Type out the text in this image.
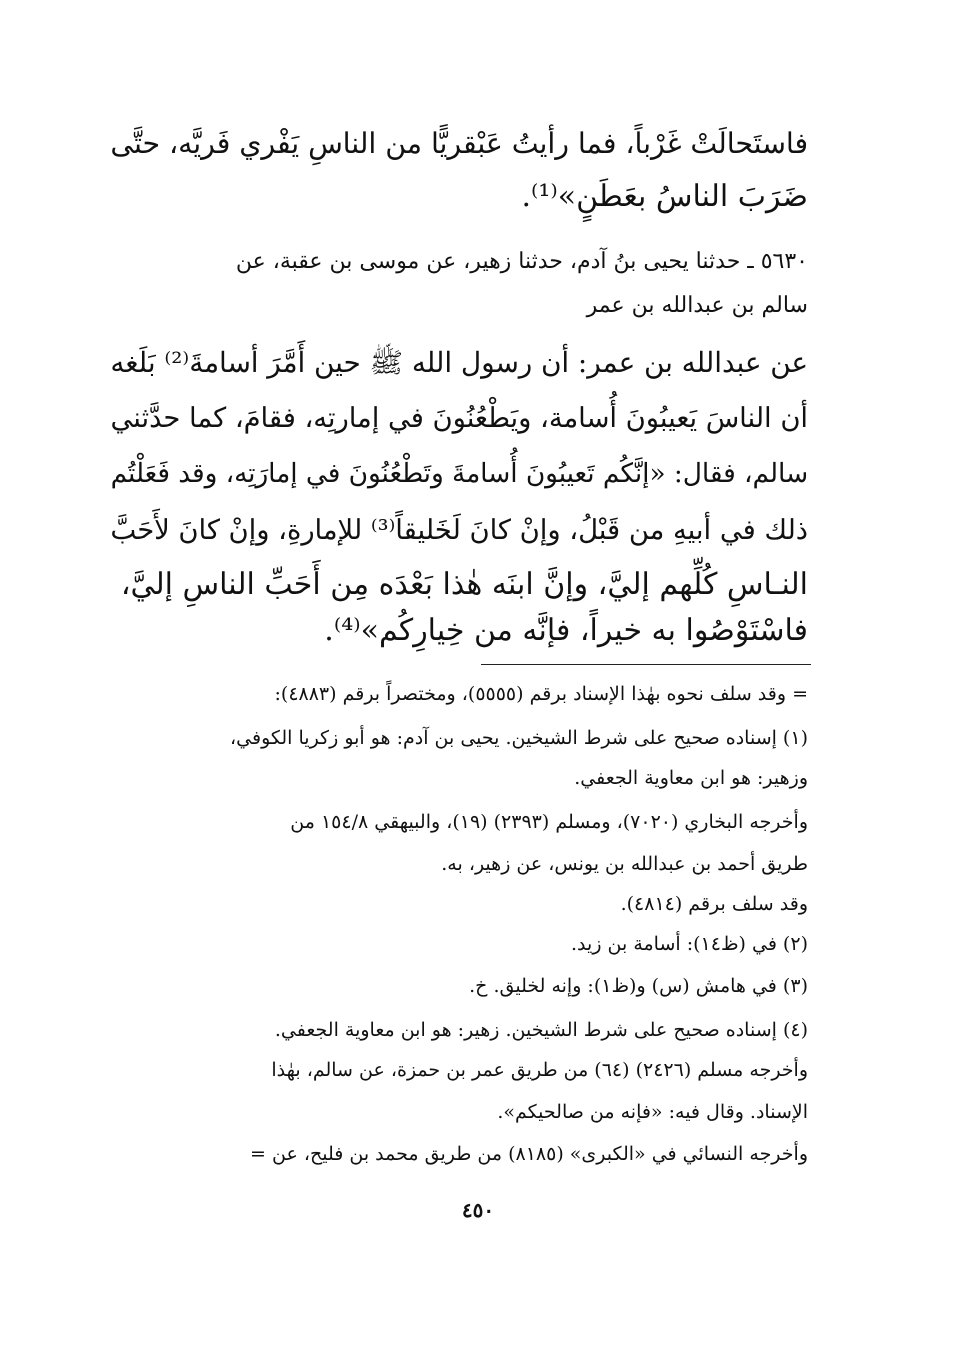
فاستَحالَتْ غَرْباً، فما رأيتُ عَبْقريًّا من الناسِ يَفْري فَريَّه، حتَّى
ضَرَبَ الناسُ بعَطَنٍ»⁽¹⁾.
٥٦٣٠ ـ حدثنا يحيى بنُ آدم، حدثنا زهير، عن موسى بن عقبة، عن
سالم بن عبدالله بن عمر
عن عبدالله بن عمر: أن رسول الله ﷺ حين أَمَّرَ أسامةَ⁽²⁾ بَلَغه
أن الناسَ يَعيبُونَ أُسامة، ويَطْعُنُونَ في إمارتِه، فقامَ، كما حدَّثني
سالم، فقال: «إنَّكُم تَعيبُونَ أُسامةَ وتَطْعُنُونَ في إمارَتِه، وقد فَعَلْتُم
ذلك في أبيهِ من قَبْلُ، وإنْ كانَ لَخَليقاً⁽³⁾ للإمارةِ، وإنْ كانَ لأَحَبَّ
النـاسِ كُلِّهم إليَّ، وإنَّ ابنَه هٰذا بَعْدَه مِن أَحَبِّ الناسِ إليَّ،
فاسْتَوْصُوا به خيراً، فإنَّه من خِيارِكُم»⁽⁴⁾.
= وقد سلف نحوه بهٰذا الإسناد برقم (٥٥٥٥)، ومختصراً برقم (٤٨٨٣):
(١) إسناده صحيح على شرط الشيخين. يحيى بن آدم: هو أبو زكريا الكوفي،
وزهير: هو ابن معاوية الجعفي.
وأخرجه البخاري (٧٠٢٠)، ومسلم (٢٣٩٣) (١٩)، والبيهقي ١٥٤/٨ من
طريق أحمد بن عبدالله بن يونس، عن زهير، به.
وقد سلف برقم (٤٨١٤).
(٢) في (ظ١٤): أسامة بن زيد.
(٣) في هامش (س) و(ظ١): وإنه لخليق. خ.
(٤) إسناده صحيح على شرط الشيخين. زهير: هو ابن معاوية الجعفي.
وأخرجه مسلم (٢٤٢٦) (٦٤) من طريق عمر بن حمزة، عن سالم، بهٰذا
الإسناد. وقال فيه: «فإنه من صالحيكم».
وأخرجه النسائي في «الكبرى» (٨١٨٥) من طريق محمد بن فليح، عن =
٤٥٠
